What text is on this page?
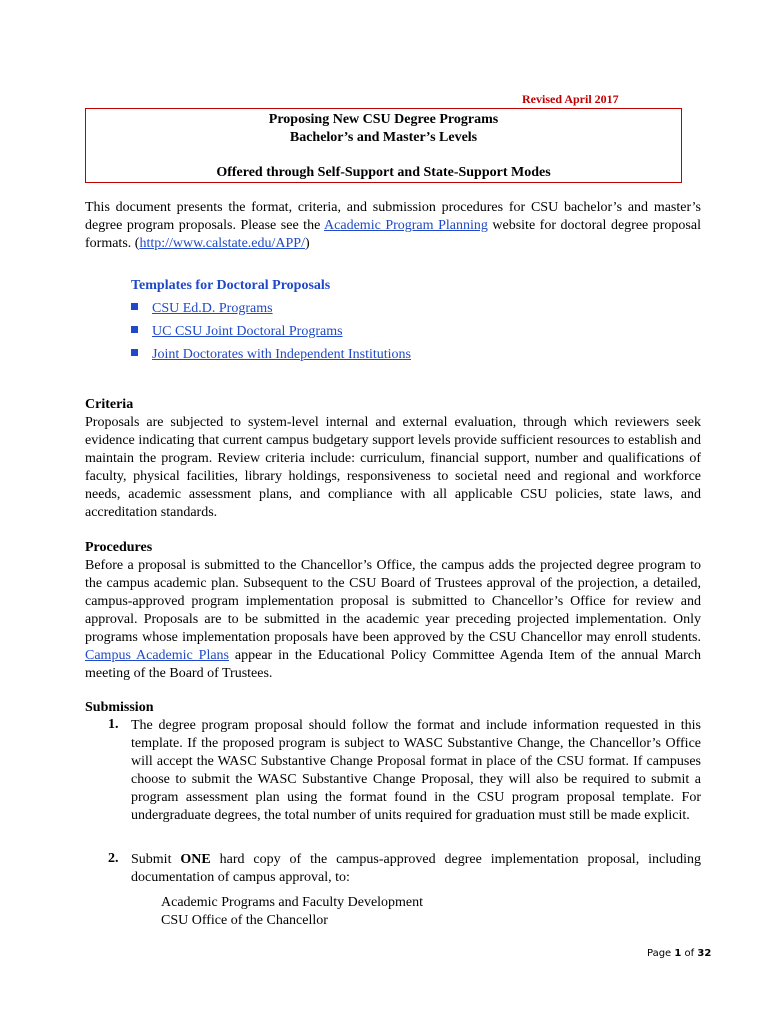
Revised April 2017
Proposing New CSU Degree Programs
Bachelor’s and Master’s Levels
Offered through Self-Support and State-Support Modes

This document presents the format, criteria, and submission procedures for CSU bachelor’s and master’s degree program proposals. Please see the Academic Program Planning website for doctoral degree proposal formats. (http://www.calstate.edu/APP/)

Templates for Doctoral Proposals
CSU Ed.D. Programs
UC CSU Joint Doctoral Programs
Joint Doctorates with Independent Institutions
Criteria

Proposals are subjected to system-level internal and external evaluation, through which reviewers seek evidence indicating that current campus budgetary support levels provide sufficient resources to establish and maintain the program. Review criteria include: curriculum, financial support, number and qualifications of faculty, physical facilities, library holdings, responsiveness to societal need and regional and workforce needs, academic assessment plans, and compliance with all applicable CSU policies, state laws, and accreditation standards.

Procedures

Before a proposal is submitted to the Chancellor’s Office, the campus adds the projected degree program to the campus academic plan. Subsequent to the CSU Board of Trustees approval of the projection, a detailed, campus-approved program implementation proposal is submitted to Chancellor’s Office for review and approval. Proposals are to be submitted in the academic year preceding projected implementation. Only programs whose implementation proposals have been approved by the CSU Chancellor may enroll students. Campus Academic Plans appear in the Educational Policy Committee Agenda Item of the annual March meeting of the Board of Trustees.

Submission
1. The degree program proposal should follow the format and include information requested in this template. If the proposed program is subject to WASC Substantive Change, the Chancellor’s Office will accept the WASC Substantive Change Proposal format in place of the CSU format. If campuses choose to submit the WASC Substantive Change Proposal, they will also be required to submit a program assessment plan using the format found in the CSU program proposal template. For undergraduate degrees, the total number of units required for graduation must still be made explicit.

2. Submit ONE hard copy of the campus-approved degree implementation proposal, including documentation of campus approval, to:

Academic Programs and Faculty Development
CSU Office of the Chancellor
Page 1 of 32
